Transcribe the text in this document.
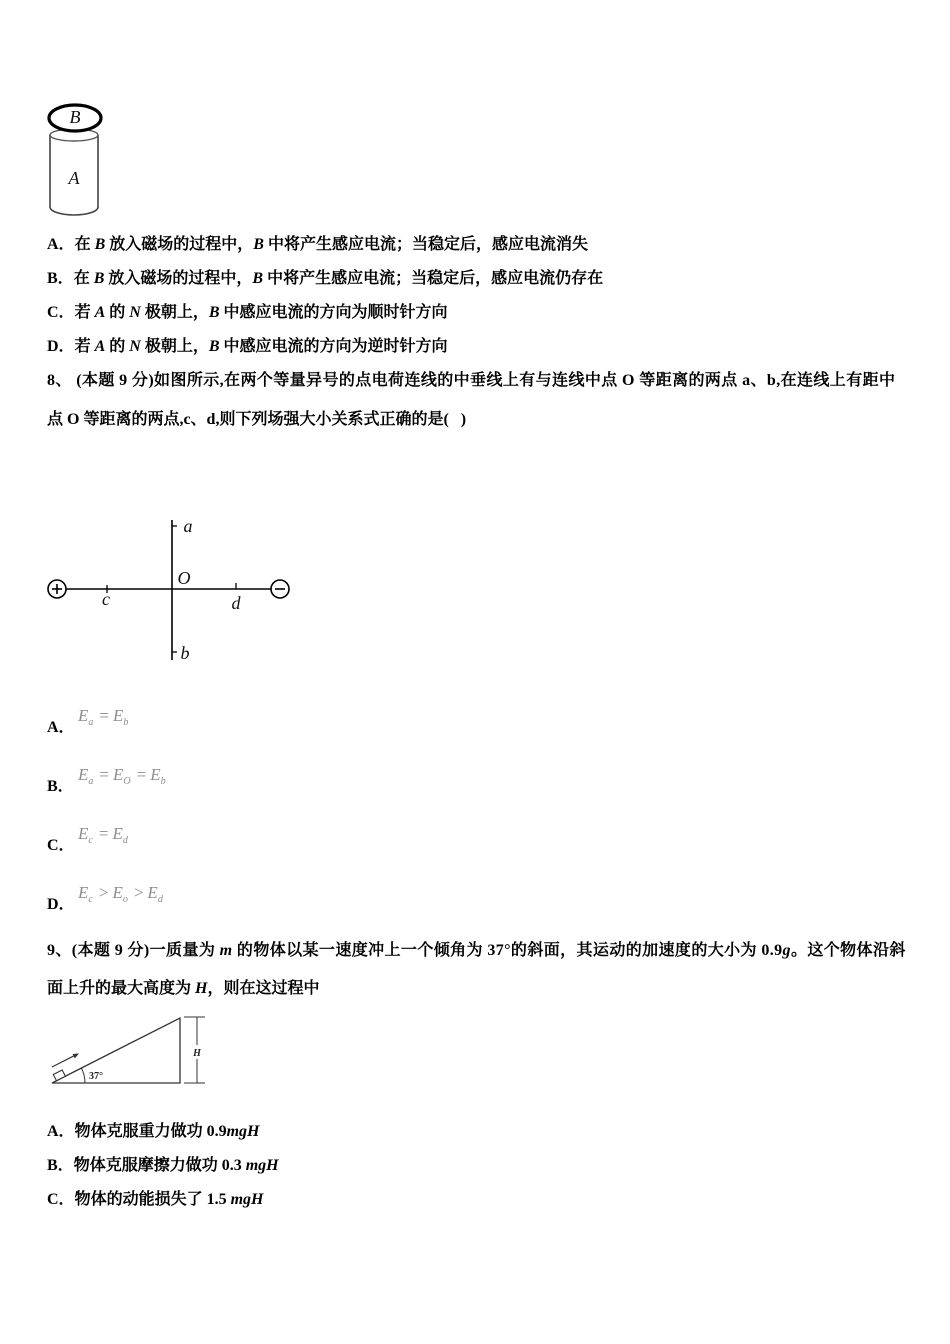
B
A
A．在 B 放入磁场的过程中，B 中将产生感应电流；当稳定后，感应电流消失
B．在 B 放入磁场的过程中，B 中将产生感应电流；当稳定后，感应电流仍存在
C．若 A 的 N 极朝上，B 中感应电流的方向为顺时针方向
D．若 A 的 N 极朝上，B 中感应电流的方向为逆时针方向
8、 (本题 9 分)如图所示,在两个等量异号的点电荷连线的中垂线上有与连线中点 O 等距离的两点 a、b,在连线上有距中
点 O 等距离的两点,c、d,则下列场强大小关系式正确的是(   )
a
O
c	d
b
A．
$E_a = E_b$
B．
$E_a = E_O = E_b$
C．
$E_c = E_d$
D．
$E_c > E_o > E_d$
9、(本题 9 分)一质量为 m 的物体以某一速度冲上一个倾角为 37°的斜面，其运动的加速度的大小为 0.9g。这个物体沿斜
面上升的最大高度为 H，则在这过程中
37°
H
A．物体克服重力做功 0.9mgH
B．物体克服摩擦力做功 0.3 mgH
C．物体的动能损失了 1.5 mgH
